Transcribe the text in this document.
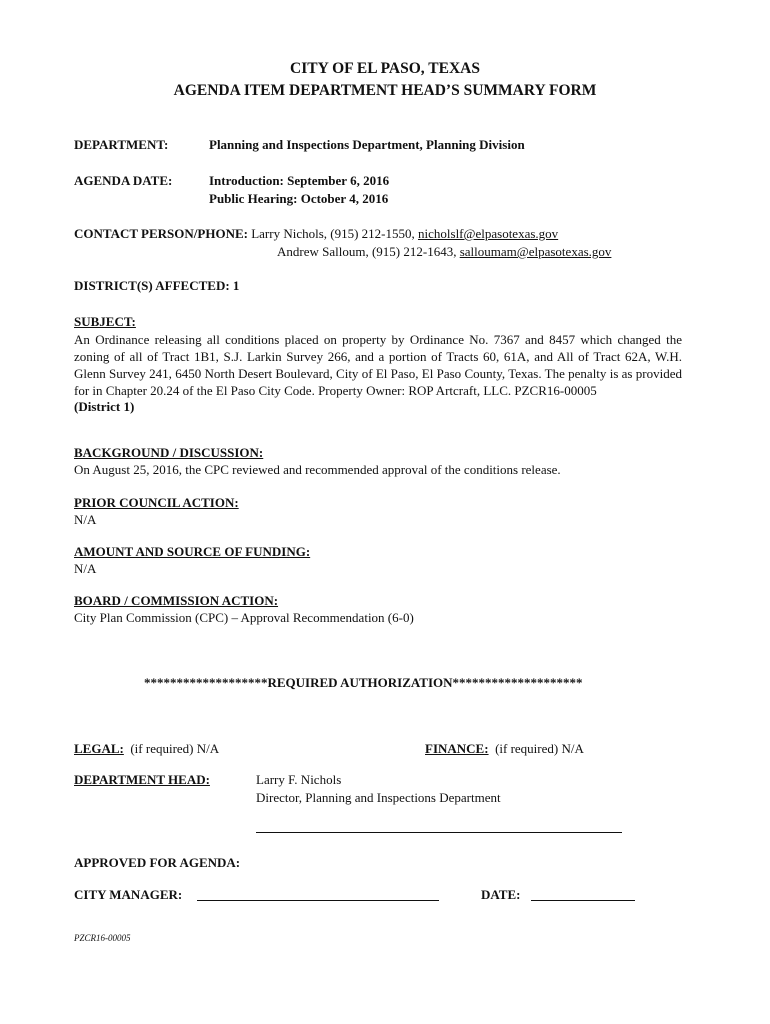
CITY OF EL PASO, TEXAS
AGENDA ITEM DEPARTMENT HEAD’S SUMMARY FORM
DEPARTMENT:	Planning and Inspections Department, Planning Division
AGENDA DATE:	Introduction: September 6, 2016
Public Hearing: October 4, 2016
CONTACT PERSON/PHONE: Larry Nichols, (915) 212-1550, nicholslf@elpasotexas.gov
Andrew Salloum, (915) 212-1643, salloumam@elpasotexas.gov
DISTRICT(S) AFFECTED: 1
SUBJECT:
An Ordinance releasing all conditions placed on property by Ordinance No. 7367 and 8457 which changed the zoning of all of Tract 1B1, S.J. Larkin Survey 266, and a portion of Tracts 60, 61A, and All of Tract 62A, W.H. Glenn Survey 241, 6450 North Desert Boulevard, City of El Paso, El Paso County, Texas. The penalty is as provided for in Chapter 20.24 of the El Paso City Code. Property Owner: ROP Artcraft, LLC. PZCR16-00005
(District 1)
BACKGROUND / DISCUSSION:
On August 25, 2016, the CPC reviewed and recommended approval of the conditions release.
PRIOR COUNCIL ACTION:
N/A
AMOUNT AND SOURCE OF FUNDING:
N/A
BOARD / COMMISSION ACTION:
City Plan Commission (CPC) – Approval Recommendation (6-0)
*******************REQUIRED AUTHORIZATION********************
LEGAL: (if required) N/A	FINANCE: (if required) N/A
DEPARTMENT HEAD:	Larry F. Nichols
Director, Planning and Inspections Department
APPROVED FOR AGENDA:
CITY MANAGER:	DATE:
PZCR16-00005
